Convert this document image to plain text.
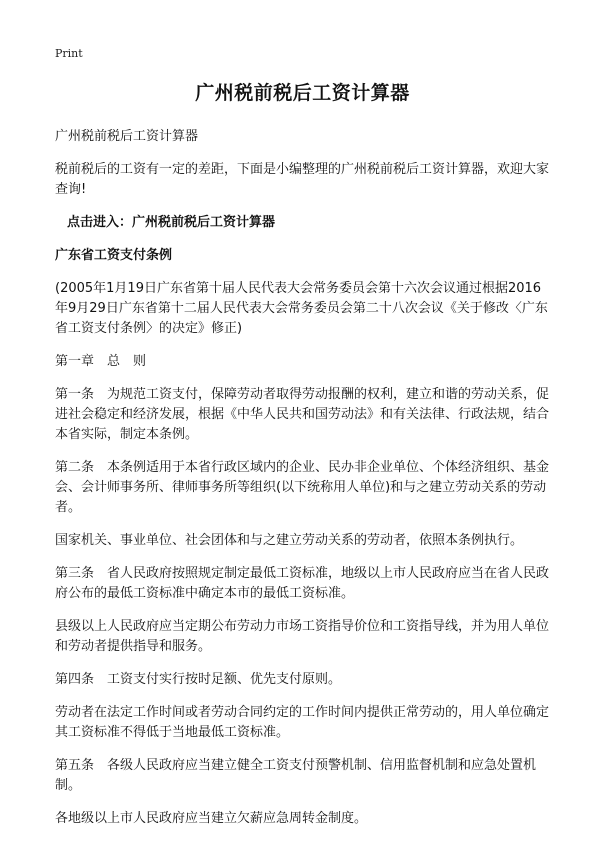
Print
广州税前税后工资计算器
广州税前税后工资计算器
税前税后的工资有一定的差距，下面是小编整理的广州税前税后工资计算器，欢迎大家查询!
点击进入：广州税前税后工资计算器
广东省工资支付条例
(2005年1月19日广东省第十届人民代表大会常务委员会第十六次会议通过根据2016年9月29日广东省第十二届人民代表大会常务委员会第二十八次会议《关于修改〈广东省工资支付条例〉的决定》修正)
第一章　总　则
第一条　为规范工资支付，保障劳动者取得劳动报酬的权利，建立和谐的劳动关系，促进社会稳定和经济发展，根据《中华人民共和国劳动法》和有关法律、行政法规，结合本省实际，制定本条例。
第二条　本条例适用于本省行政区域内的企业、民办非企业单位、个体经济组织、基金会、会计师事务所、律师事务所等组织(以下统称用人单位)和与之建立劳动关系的劳动者。
国家机关、事业单位、社会团体和与之建立劳动关系的劳动者，依照本条例执行。
第三条　省人民政府按照规定制定最低工资标准，地级以上市人民政府应当在省人民政府公布的最低工资标准中确定本市的最低工资标准。
县级以上人民政府应当定期公布劳动力市场工资指导价位和工资指导线，并为用人单位和劳动者提供指导和服务。
第四条　工资支付实行按时足额、优先支付原则。
劳动者在法定工作时间或者劳动合同约定的工作时间内提供正常劳动的，用人单位确定其工资标准不得低于当地最低工资标准。
第五条　各级人民政府应当建立健全工资支付预警机制、信用监督机制和应急处置机制。
各地级以上市人民政府应当建立欠薪应急周转金制度。
